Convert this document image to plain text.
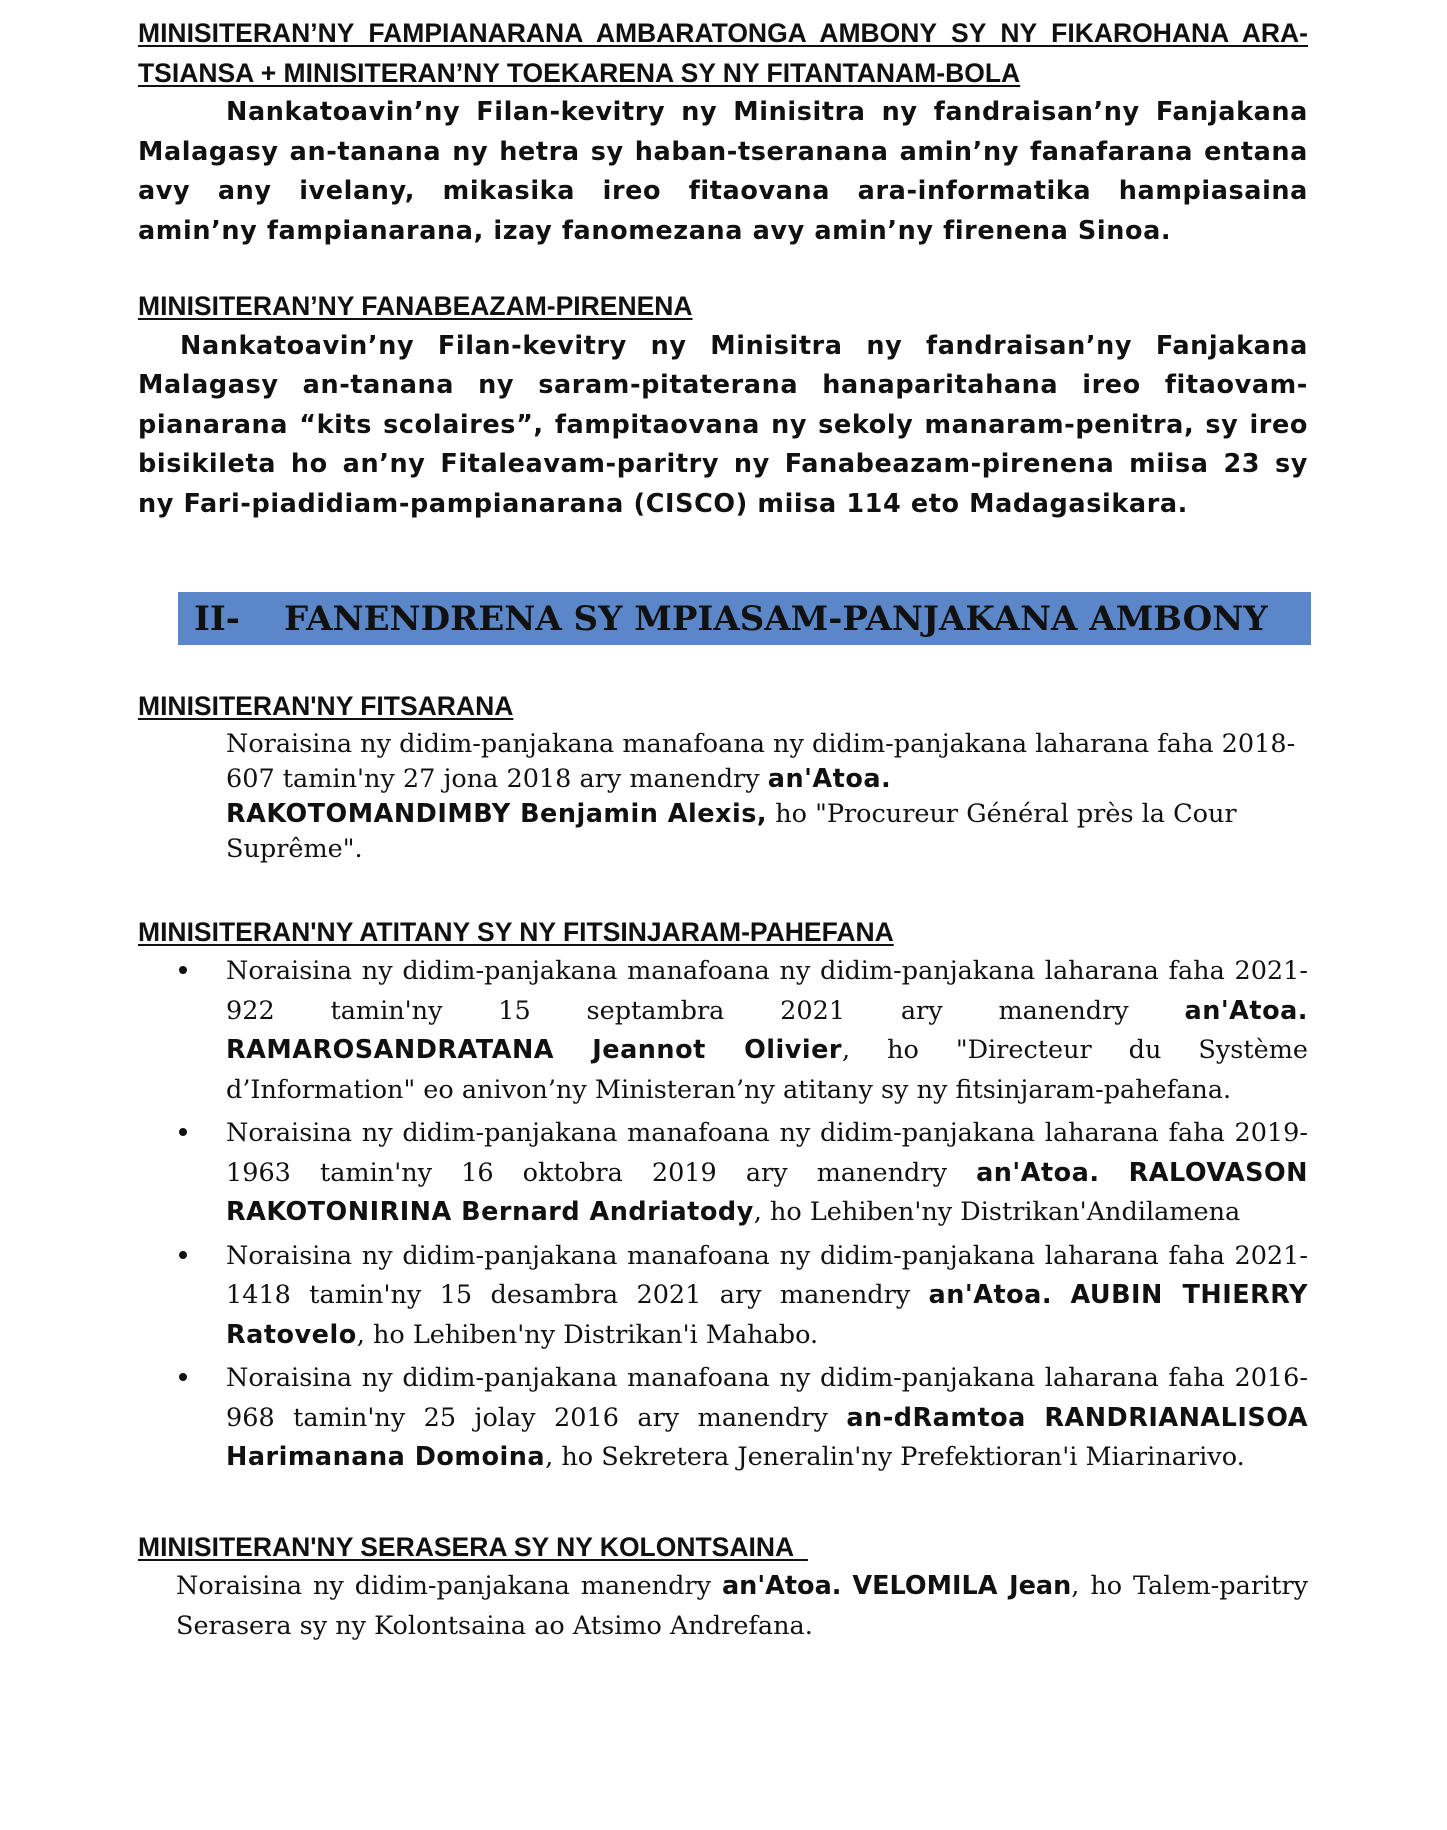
MINISITERAN’NY FAMPIANARANA AMBARATONGA AMBONY SY NY FIKAROHANA ARA-TSIANSA + MINISITERAN’NY TOEKARENA SY NY FITANTANAM-BOLA

Nankatoavin’ny Filan-kevitry ny Minisitra ny fandraisan’ny Fanjakana Malagasy an-tanana ny hetra sy haban-tseranana amin’ny fanafarana entana avy any ivelany, mikasika ireo fitaovana ara-informatika hampiasaina amin’ny fampianarana, izay fanomezana avy amin’ny firenena Sinoa.

MINISITERAN’NY FANABEAZAM-PIRENENA

Nankatoavin’ny Filan-kevitry ny Minisitra ny fandraisan’ny Fanjakana Malagasy an-tanana ny saram-pitaterana hanaparitahana ireo fitaovam-pianarana “kits scolaires”, fampitaovana ny sekoly manaram-penitra, sy ireo bisikileta ho an’ny Fitaleavam-paritry ny Fanabeazam-pirenena miisa 23 sy ny Fari-piadidiam-pampianarana (CISCO) miisa 114 eto Madagasikara.

II-	FANENDRENA SY MPIASAM-PANJAKANA AMBONY
MINISITERAN'NY FITSARANA

Noraisina ny didim-panjakana manafoana ny didim-panjakana laharana faha 2018-607 tamin'ny 27 jona 2018 ary manendry an'Atoa.
RAKOTOMANDIMBY Benjamin Alexis, ho "Procureur Général près la Cour Suprême".

MINISITERAN'NY ATITANY SY NY FITSINJARAM-PAHEFANA

Noraisina ny didim-panjakana manafoana ny didim-panjakana laharana faha 2021-922 tamin'ny 15 septambra 2021 ary manendry an'Atoa. RAMAROSANDRATANA Jeannot Olivier, ho "Directeur du Système d’Information" eo anivon’ny Ministeran’ny atitany sy ny fitsinjaram-pahefana.

Noraisina ny didim-panjakana manafoana ny didim-panjakana laharana faha 2019-1963 tamin'ny 16 oktobra 2019 ary manendry an'Atoa. RALOVASON RAKOTONIRINA Bernard Andriatody, ho Lehiben'ny Distrikan'Andilamena

Noraisina ny didim-panjakana manafoana ny didim-panjakana laharana faha 2021-1418 tamin'ny 15 desambra 2021 ary manendry an'Atoa. AUBIN THIERRY Ratovelo, ho Lehiben'ny Distrikan'i Mahabo.

Noraisina ny didim-panjakana manafoana ny didim-panjakana laharana faha 2016-968 tamin'ny 25 jolay 2016 ary manendry an-dRamtoa RANDRIANALISOA Harimanana Domoina, ho Sekretera Jeneralin'ny Prefektioran'i Miarinarivo.

MINISITERAN'NY SERASERA SY NY KOLONTSAINA

Noraisina ny didim-panjakana manendry an'Atoa. VELOMILA Jean, ho Talem-paritry Serasera sy ny Kolontsaina ao Atsimo Andrefana.
